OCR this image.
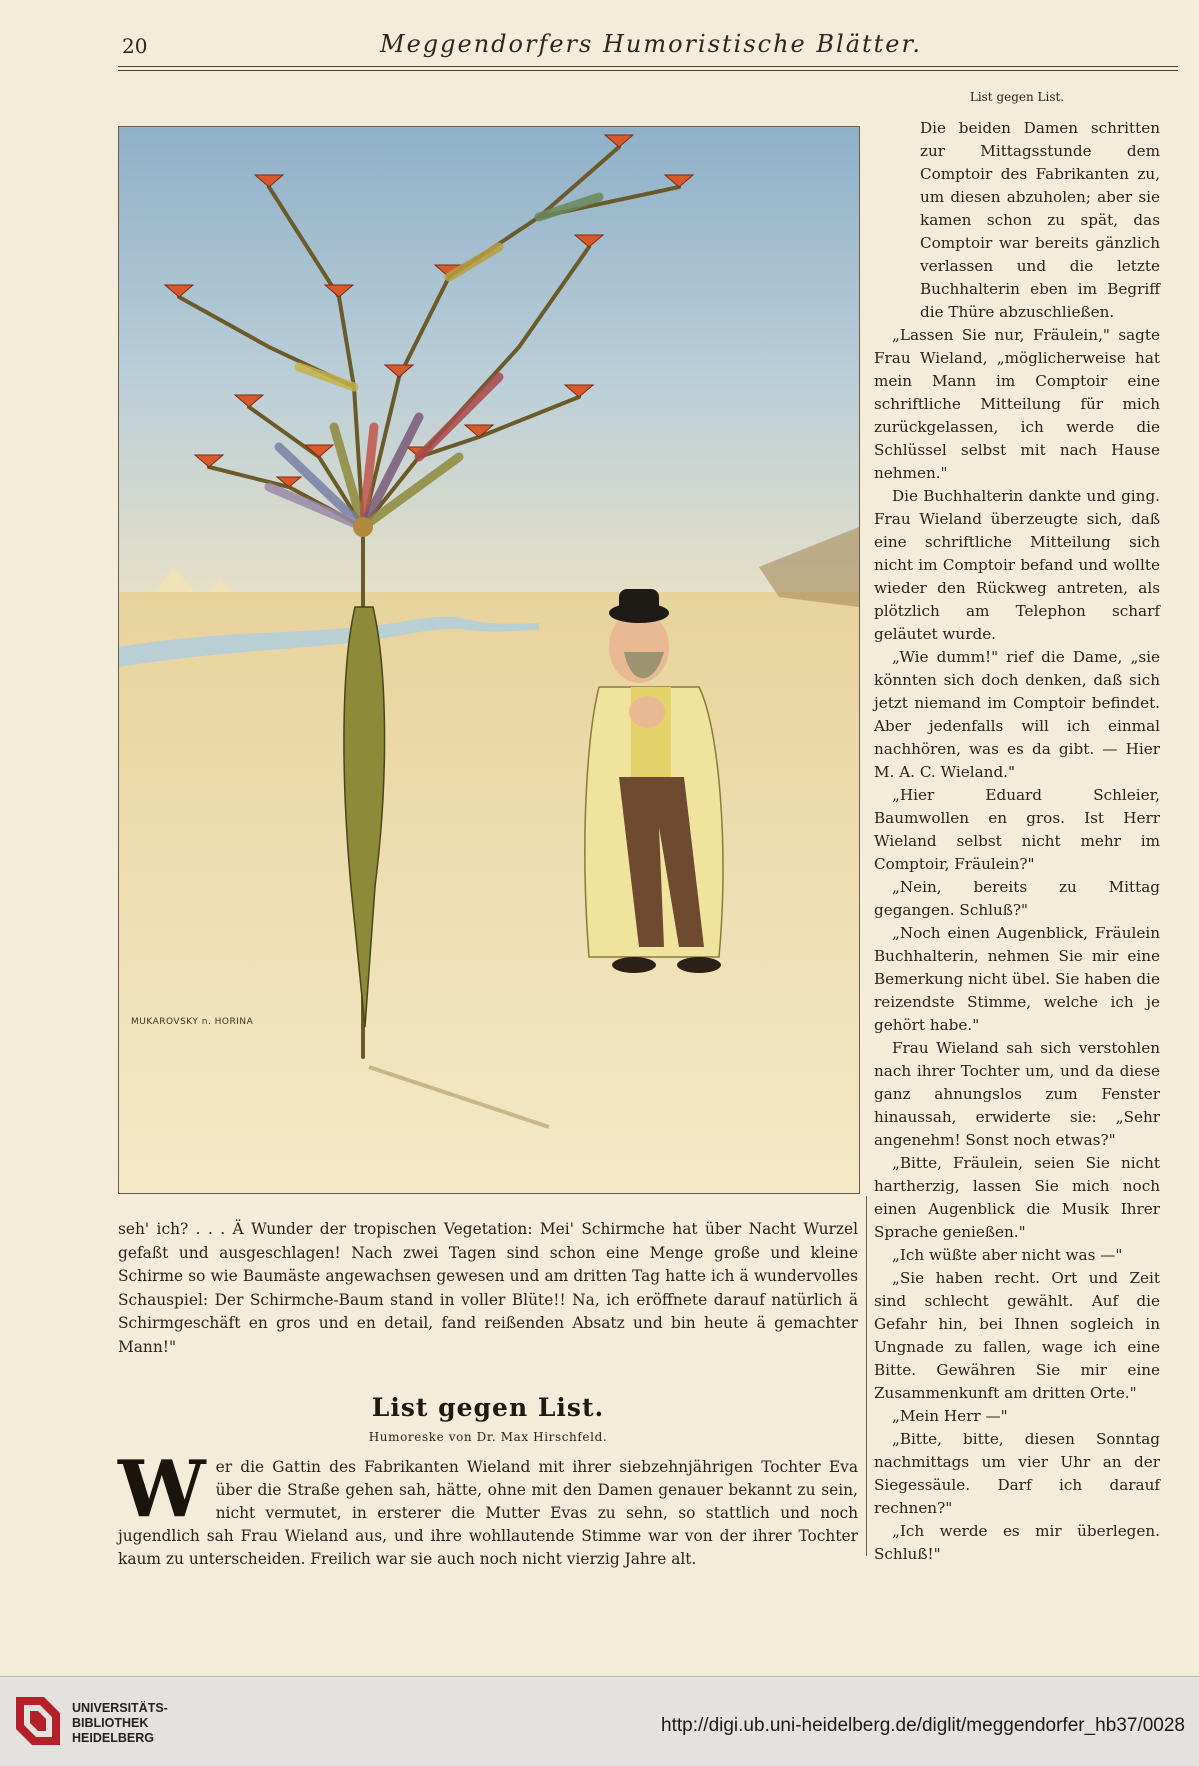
20	Meggendorfers Humoristische Blätter.
MUKAROVSKY n. HORINA
List gegen List.

Die beiden Damen schritten zur Mittagsstunde dem Comptoir des Fabrikanten zu, um diesen abzuholen; aber sie kamen schon zu spät, das Comptoir war bereits gänzlich verlassen und die letzte Buchhalterin eben im Begriff die Thüre abzuschließen.

„Lassen Sie nur, Fräulein," sagte Frau Wieland, „möglicherweise hat mein Mann im Comptoir eine schriftliche Mitteilung für mich zurückgelassen, ich werde die Schlüssel selbst mit nach Hause nehmen."

Die Buchhalterin dankte und ging. Frau Wieland überzeugte sich, daß eine schriftliche Mitteilung sich nicht im Comptoir befand und wollte wieder den Rückweg antreten, als plötzlich am Telephon scharf geläutet wurde.

„Wie dumm!" rief die Dame, „sie könnten sich doch denken, daß sich jetzt niemand im Comptoir befindet. Aber jedenfalls will ich einmal nachhören, was es da gibt. — Hier M. A. C. Wieland."

„Hier Eduard Schleier, Baumwollen en gros. Ist Herr Wieland selbst nicht mehr im Comptoir, Fräulein?"

„Nein, bereits zu Mittag gegangen. Schluß?"

„Noch einen Augenblick, Fräulein Buchhalterin, nehmen Sie mir eine Bemerkung nicht übel. Sie haben die reizendste Stimme, welche ich je gehört habe."

Frau Wieland sah sich verstohlen nach ihrer Tochter um, und da diese ganz ahnungslos zum Fenster hinaussah, erwiderte sie: „Sehr angenehm! Sonst noch etwas?"

„Bitte, Fräulein, seien Sie nicht hartherzig, lassen Sie mich noch einen Augenblick die Musik Ihrer Sprache genießen."

„Ich wüßte aber nicht was —"

„Sie haben recht. Ort und Zeit sind schlecht gewählt. Auf die Gefahr hin, bei Ihnen sogleich in Ungnade zu fallen, wage ich eine Bitte. Gewähren Sie mir eine Zusammenkunft am dritten Orte."

„Mein Herr —"

„Bitte, bitte, diesen Sonntag nachmittags um vier Uhr an der Siegessäule. Darf ich darauf rechnen?"

„Ich werde es mir überlegen. Schluß!"

seh' ich? . . . Ä Wunder der tropischen Vegetation: Mei' Schirmche hat über Nacht Wurzel gefaßt und ausgeschlagen! Nach zwei Tagen sind schon eine Menge große und kleine Schirme so wie Baumäste angewachsen gewesen und am dritten Tag hatte ich ä wundervolles Schauspiel: Der Schirmche-Baum stand in voller Blüte!! Na, ich eröffnete darauf natürlich ä Schirmgeschäft en gros und en detail, fand reißenden Absatz und bin heute ä gemachter Mann!"

List gegen List.
Humoreske von Dr. Max Hirschfeld.
Wer die Gattin des Fabrikanten Wieland mit ihrer siebzehnjährigen Tochter Eva über die Straße gehen sah, hätte, ohne mit den Damen genauer bekannt zu sein, nicht vermutet, in ersterer die Mutter Evas zu sehn, so stattlich und noch jugendlich sah Frau Wieland aus, und ihre wohllautende Stimme war von der ihrer Tochter kaum zu unterscheiden. Freilich war sie auch noch nicht vierzig Jahre alt.
UNIVERSITÄTS-
BIBLIOTHEK
HEIDELBERG
http://digi.ub.uni-heidelberg.de/diglit/meggendorfer_hb37/0028
